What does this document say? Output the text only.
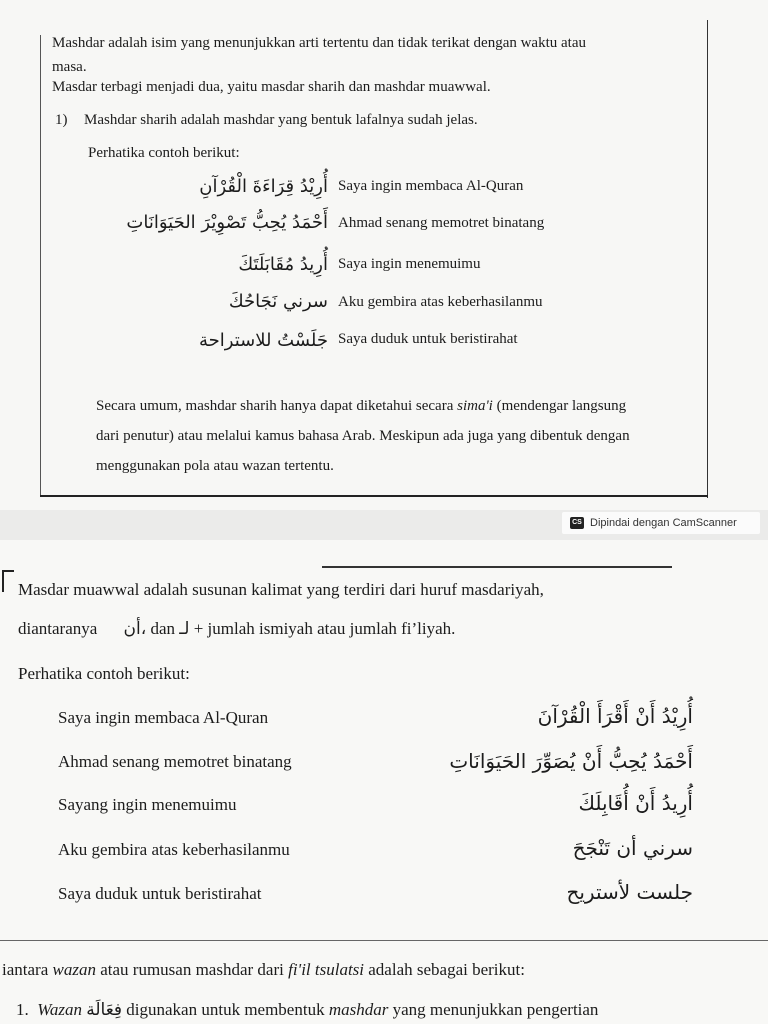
Mashdar adalah isim yang menunjukkan arti tertentu dan tidak terikat dengan waktu atau
masa.
Masdar terbagi menjadi dua, yaitu masdar sharih dan mashdar muawwal.
1) Mashdar sharih adalah mashdar yang bentuk lafalnya sudah jelas.
Perhatika contoh berikut:
أُرِيْدُ قِرَاءَةَ الْقُرْآنِ Saya ingin membaca Al-Quran
أَحْمَدُ يُحِبُّ تَصْوِيْرَ الحَيَوَانَاتِ Ahmad senang memotret binatang
أُرِيدُ مُقَابَلَتَكَ Saya ingin menemuimu
سرني نَجَاحُكَ Aku gembira atas keberhasilanmu
جَلَسْتُ للاستراحة Saya duduk untuk beristirahat
Secara umum, mashdar sharih hanya dapat diketahui secara sima'i (mendengar langsung
dari penutur) atau melalui kamus bahasa Arab. Meskipun ada juga yang dibentuk dengan
menggunakan pola atau wazan tertentu.
CS Dipindai dengan CamScanner
Masdar muawwal adalah susunan kalimat yang terdiri dari huruf masdariyah,
diantaranya ،أن dan لـ + jumlah ismiyah atau jumlah fi’liyah.
Perhatika contoh berikut:
Saya ingin membaca Al-Quran	أُرِيْدُ أَنْ أَقْرَأَ الْقُرْآنَ
Ahmad senang memotret binatang	أَحْمَدُ يُحِبُّ أَنْ يُصَوِّرَ الحَيَوَانَاتِ
Sayang ingin menemuimu	أُرِيدُ أَنْ أُقَابِلَكَ
Aku gembira atas keberhasilanmu	سرني أن تَنْجَحَ
Saya duduk untuk beristirahat	جلست لأستريح
iantara wazan atau rumusan mashdar dari fi'il tsulatsi adalah sebagai berikut:
1. Wazan فِعَالَة digunakan untuk membentuk mashdar yang menunjukkan pengertian
